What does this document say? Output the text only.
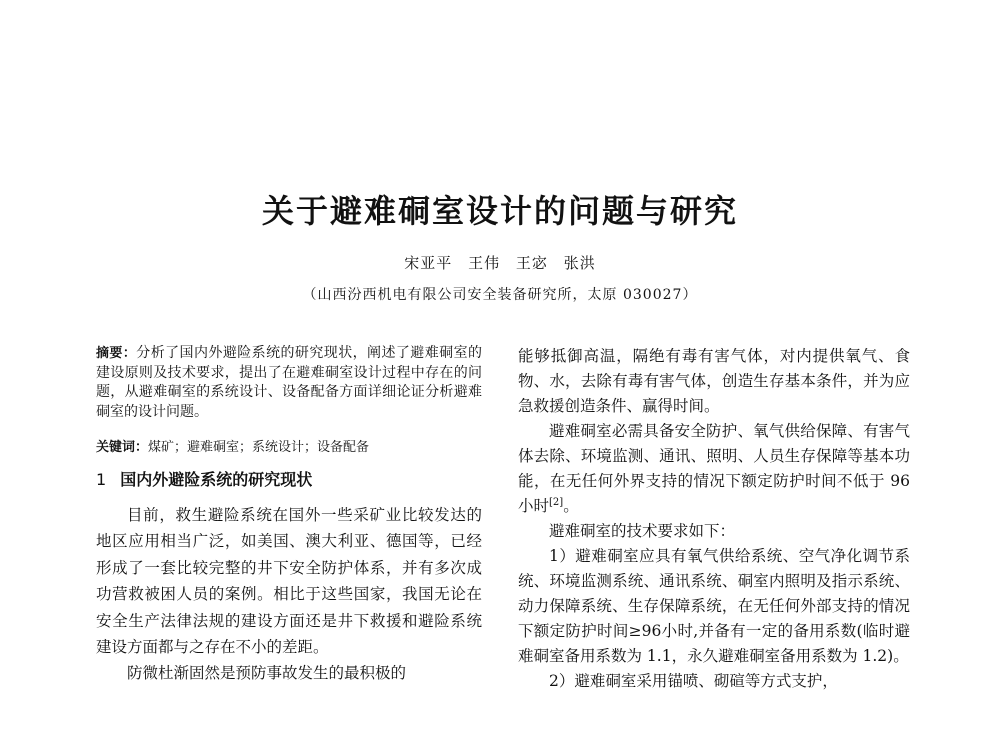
关于避难硐室设计的问题与研究
宋亚平 王伟 王宓 张洪
（山西汾西机电有限公司安全装备研究所，太原 030027）

摘要：分析了国内外避险系统的研究现状，阐述了避难硐室的建设原则及技术要求，提出了在避难硐室设计过程中存在的问题，从避难硐室的系统设计、设备配备方面详细论证分析避难硐室的设计问题。

关键词：煤矿；避难硐室；系统设计；设备配备

1 国内外避险系统的研究现状

目前，救生避险系统在国外一些采矿业比较发达的地区应用相当广泛，如美国、澳大利亚、德国等，已经形成了一套比较完整的井下安全防护体系，并有多次成功营救被困人员的案例。相比于这些国家，我国无论在安全生产法律法规的建设方面还是井下救援和避险系统建设方面都与之存在不小的差距。

防微杜渐固然是预防事故发生的最积极的

能够抵御高温，隔绝有毒有害气体，对内提供氧气、食物、水，去除有毒有害气体，创造生存基本条件，并为应急救援创造条件、赢得时间。

避难硐室必需具备安全防护、氧气供给保障、有害气体去除、环境监测、通讯、照明、人员生存保障等基本功能，在无任何外界支持的情况下额定防护时间不低于 96 小时[2]。

避难硐室的技术要求如下：

1）避难硐室应具有氧气供给系统、空气净化调节系统、环境监测系统、通讯系统、硐室内照明及指示系统、动力保障系统、生存保障系统，在无任何外部支持的情况下额定防护时间≥96小时,并备有一定的备用系数(临时避难硐室备用系数为 1.1，永久避难硐室备用系数为 1.2)。

2）避难硐室采用锚喷、砌碹等方式支护，
